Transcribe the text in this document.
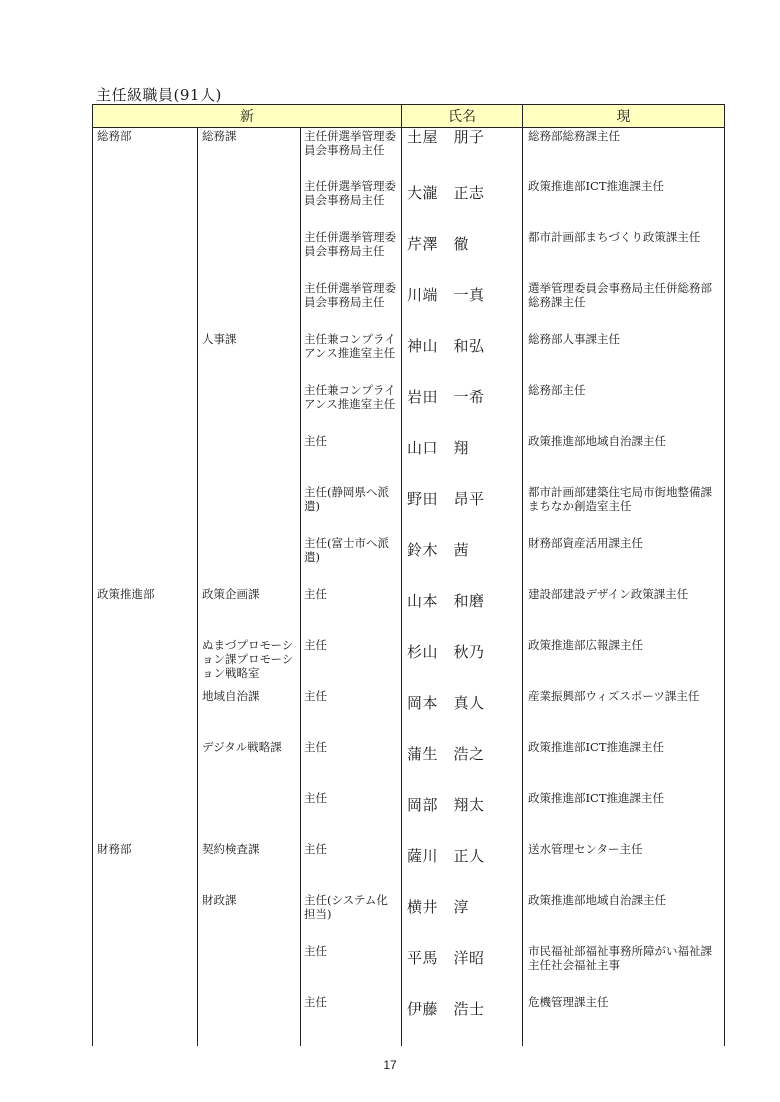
主任級職員(91人)
新			氏名	現
総務部	総務課	主任併選挙管理委員会事務局主任	土屋　朋子	総務部総務課主任
		主任併選挙管理委員会事務局主任	大瀧　正志	政策推進部ICT推進課主任
		主任併選挙管理委員会事務局主任	芹澤　徹	都市計画部まちづくり政策課主任
		主任併選挙管理委員会事務局主任	川端　一真	選挙管理委員会事務局主任併総務部総務課主任
	人事課	主任兼コンプライアンス推進室主任	神山　和弘	総務部人事課主任
		主任兼コンプライアンス推進室主任	岩田　一希	総務部主任
		主任	山口　翔	政策推進部地域自治課主任
		主任(静岡県へ派遣)	野田　昂平	都市計画部建築住宅局市街地整備課まちなか創造室主任
		主任(富士市へ派遣)	鈴木　茜	財務部資産活用課主任
政策推進部	政策企画課	主任	山本　和磨	建設部建設デザイン政策課主任
	ぬまづプロモーション課プロモーション戦略室	主任	杉山　秋乃	政策推進部広報課主任
	地域自治課	主任	岡本　真人	産業振興部ウィズスポーツ課主任
	デジタル戦略課	主任	蒲生　浩之	政策推進部ICT推進課主任
		主任	岡部　翔太	政策推進部ICT推進課主任
財務部	契約検査課	主任	薩川　正人	送水管理センター主任
	財政課	主任(システム化担当)	横井　淳	政策推進部地域自治課主任
		主任	平馬　洋昭	市民福祉部福祉事務所障がい福祉課主任社会福祉主事
		主任	伊藤　浩士	危機管理課主任
17
